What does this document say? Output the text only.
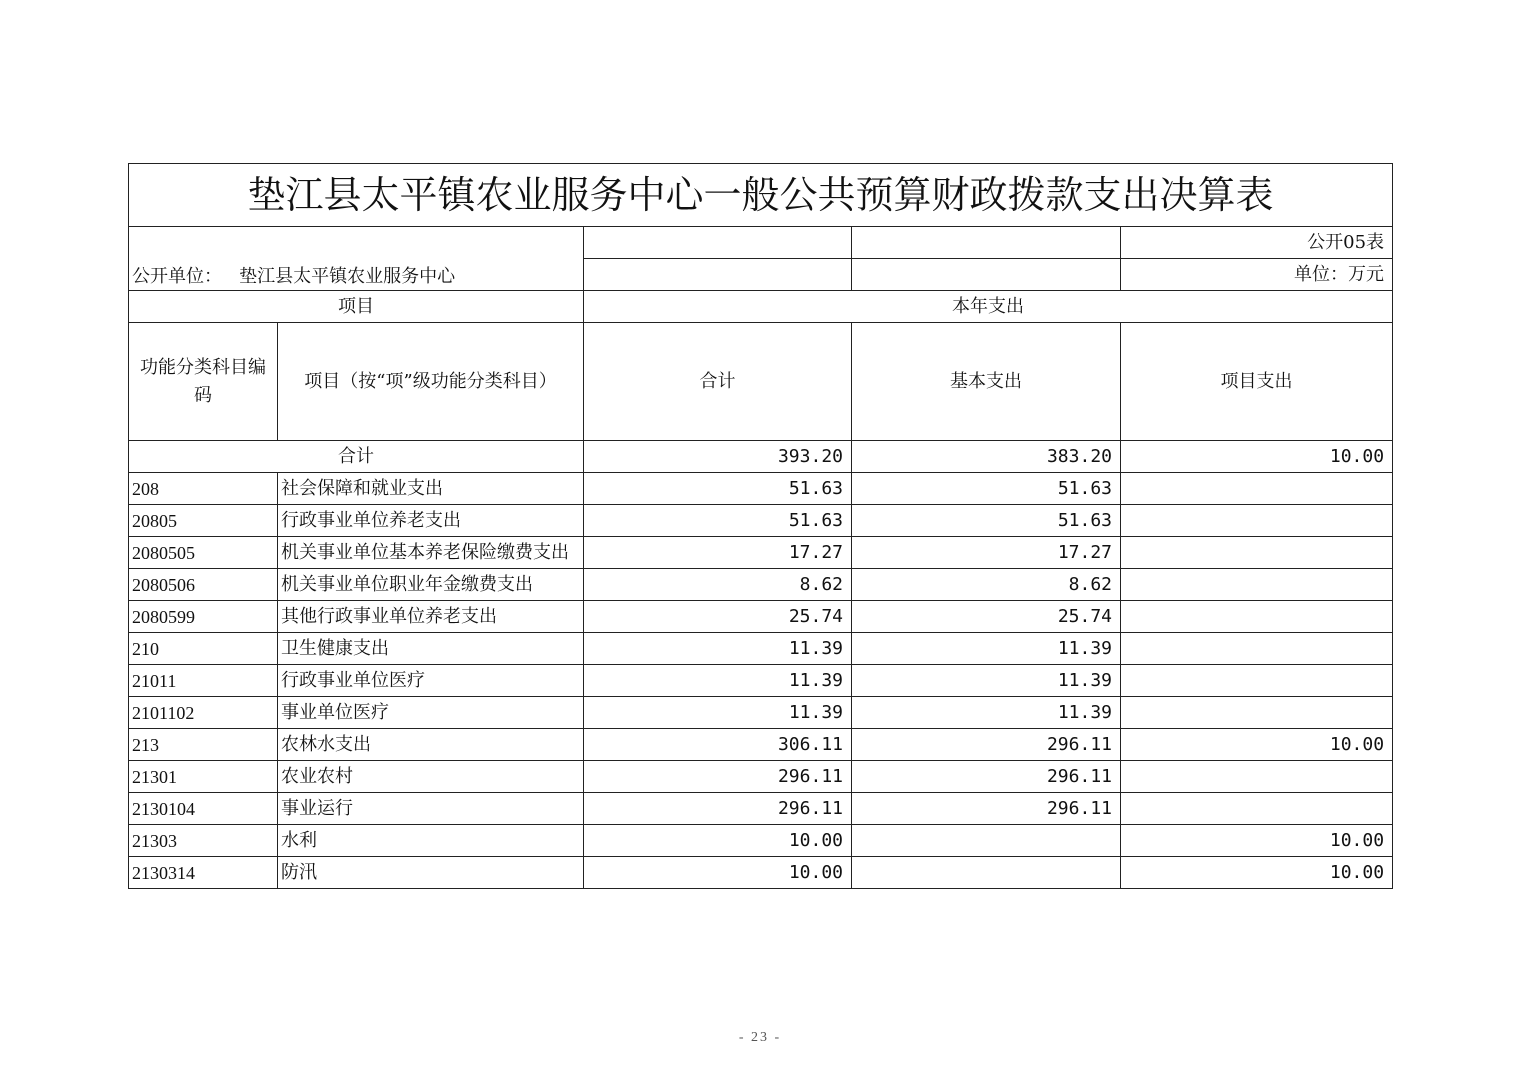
垫江县太平镇农业服务中心一般公共预算财政拨款支出决算表				
公开单位： 垫江县太平镇农业服务中心				公开05表
				单位：万元
项目		本年支出		
功能分类科目编码	项目（按“项”级功能分类科目）	合计	基本支出	项目支出
合计		393.20	383.20	10.00
208	社会保障和就业支出	51.63	51.63	
20805	行政事业单位养老支出	51.63	51.63	
2080505	机关事业单位基本养老保险缴费支出	17.27	17.27	
2080506	机关事业单位职业年金缴费支出	8.62	8.62	
2080599	其他行政事业单位养老支出	25.74	25.74	
210	卫生健康支出	11.39	11.39	
21011	行政事业单位医疗	11.39	11.39	
2101102	事业单位医疗	11.39	11.39	
213	农林水支出	306.11	296.11	10.00
21301	农业农村	296.11	296.11	
2130104	事业运行	296.11	296.11	
21303	水利	10.00		10.00
2130314	防汛	10.00		10.00
- 23 -
